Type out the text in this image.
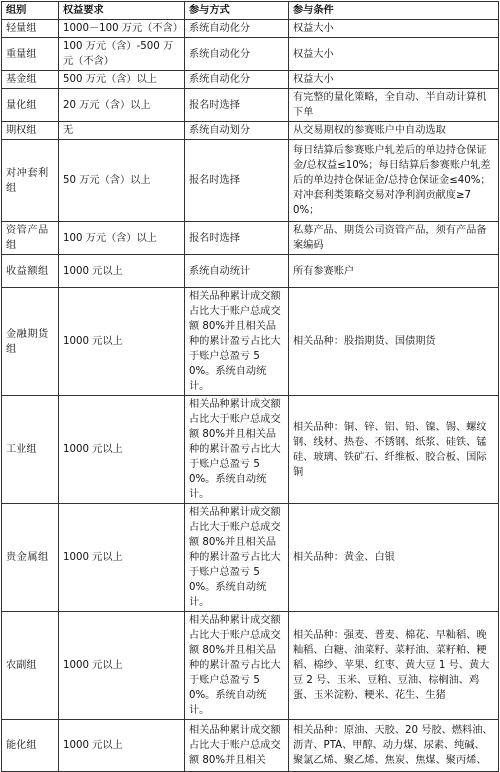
组别	权益要求	参与方式	参与条件
轻量组	1000－100 万元（不含）	系统自动化分	权益大小
重量组	100 万元（含）-500 万元（不含）	系统自动化分	权益大小
基金组	500 万元（含）以上	系统自动化分	权益大小
量化组	20 万元（含）以上	报名时选择	有完整的量化策略，全自动、半自动计算机下单
期权组	无	系统自动划分	从交易期权的参赛账户中自动选取
对冲套利组	50 万元（含）以上	报名时选择	每日结算后参赛账户轧差后的单边持仓保证金/总权益≤10%；每日结算后参赛账户轧差后的单边持仓保证金/总持仓保证金≤40%；对冲套利类策略交易对净利润贡献度≥70%；
资管产品组	100 万元（含）以上	报名时选择	私募产品、期货公司资管产品，须有产品备案编码
收益额组	1000 元以上	系统自动统计	所有参赛账户
金融期货组	1000 元以上	相关品种累计成交额占比大于账户总成交额 80%并且相关品种的累计盈亏占比大于账户总盈亏 50%。系统自动统计。	相关品种：股指期货、国债期货
工业组	1000 元以上	相关品种累计成交额占比大于账户总成交额 80%并且相关品种的累计盈亏占比大于账户总盈亏 50%。系统自动统计。	相关品种：铜、锌、铝、铅、镍、锡、螺纹钢、线材、热卷、不锈钢、纸浆、硅铁、锰硅、玻璃、铁矿石、纤维板、胶合板、国际铜
贵金属组	1000 元以上	相关品种累计成交额占比大于账户总成交额 80%并且相关品种的累计盈亏占比大于账户总盈亏 50%。系统自动统计。	相关品种：黄金、白银
农副组	1000 元以上	相关品种累计成交额占比大于账户总成交额 80%并且相关品种的累计盈亏占比大于账户总盈亏 50%。系统自动统计。	相关品种：强麦、普麦、棉花、早籼稻、晚籼稻、白糖、油菜籽、菜籽油、菜籽粕、粳稻、棉纱、苹果、红枣、黄大豆 1 号、黄大豆 2 号、玉米、豆粕、豆油、棕榈油、鸡蛋、玉米淀粉、粳米、花生、生猪
能化组	1000 元以上	相关品种累计成交额占比大于账户总成交额 80%并且相关	相关品种：原油、天胶、20 号胶、燃料油、沥青、PTA、甲醇、动力煤、尿素、纯碱、聚氯乙烯、聚乙烯、焦炭、焦煤、聚丙烯、
